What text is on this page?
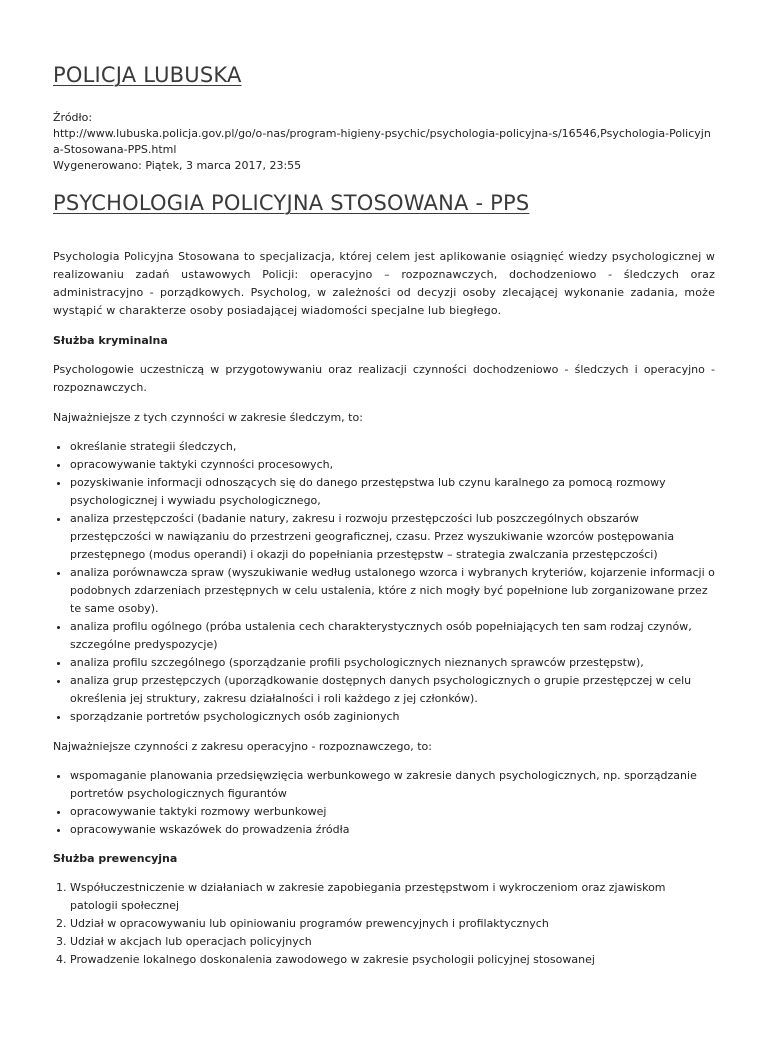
POLICJA LUBUSKA
Źródło:
http://www.lubuska.policja.gov.pl/go/o-nas/program-higieny-psychic/psychologia-policyjna-s/16546,Psychologia-Policyjna-Stosowana-PPS.html
Wygenerowano: Piątek, 3 marca 2017, 23:55
PSYCHOLOGIA POLICYJNA STOSOWANA - PPS

Psychologia Policyjna Stosowana to specjalizacja, której celem jest aplikowanie osiągnięć wiedzy psychologicznej w realizowaniu zadań ustawowych Policji: operacyjno – rozpoznawczych, dochodzeniowo - śledczych oraz administracyjno - porządkowych. Psycholog, w zależności od decyzji osoby zlecającej wykonanie zadania, może wystąpić w charakterze osoby posiadającej wiadomości specjalne lub biegłego.

Służba kryminalna

Psychologowie uczestniczą w przygotowywaniu oraz realizacji czynności dochodzeniowo - śledczych i operacyjno - rozpoznawczych.

Najważniejsze z tych czynności w zakresie śledczym, to:

• określanie strategii śledczych,
• opracowywanie taktyki czynności procesowych,
• pozyskiwanie informacji odnoszących się do danego przestępstwa lub czynu karalnego za pomocą rozmowy psychologicznej i wywiadu psychologicznego,
• analiza przestępczości (badanie natury, zakresu i rozwoju przestępczości lub poszczególnych obszarów przestępczości w nawiązaniu do przestrzeni geograficznej, czasu. Przez wyszukiwanie wzorców postępowania przestępnego (modus operandi) i okazji do popełniania przestępstw – strategia zwalczania przestępczości)
• analiza porównawcza spraw (wyszukiwanie według ustalonego wzorca i wybranych kryteriów, kojarzenie informacji o podobnych zdarzeniach przestępnych w celu ustalenia, które z nich mogły być popełnione lub zorganizowane przez te same osoby).
• analiza profilu ogólnego (próba ustalenia cech charakterystycznych osób popełniających ten sam rodzaj czynów, szczególne predyspozycje)
• analiza profilu szczególnego (sporządzanie profili psychologicznych nieznanych sprawców przestępstw),
• analiza grup przestępczych (uporządkowanie dostępnych danych psychologicznych o grupie przestępczej w celu określenia jej struktury, zakresu działalności i roli każdego z jej członków).
• sporządzanie portretów psychologicznych osób zaginionych

Najważniejsze czynności z zakresu operacyjno - rozpoznawczego, to:

• wspomaganie planowania przedsięwzięcia werbunkowego w zakresie danych psychologicznych, np. sporządzanie portretów psychologicznych figurantów
• opracowywanie taktyki rozmowy werbunkowej
• opracowywanie wskazówek do prowadzenia źródła
Służba prewencyjna
1. Współuczestniczenie w działaniach w zakresie zapobiegania przestępstwom i wykroczeniom oraz zjawiskom patologii społecznej
2. Udział w opracowywaniu lub opiniowaniu programów prewencyjnych i profilaktycznych
3. Udział w akcjach lub operacjach policyjnych
4. Prowadzenie lokalnego doskonalenia zawodowego w zakresie psychologii policyjnej stosowanej
